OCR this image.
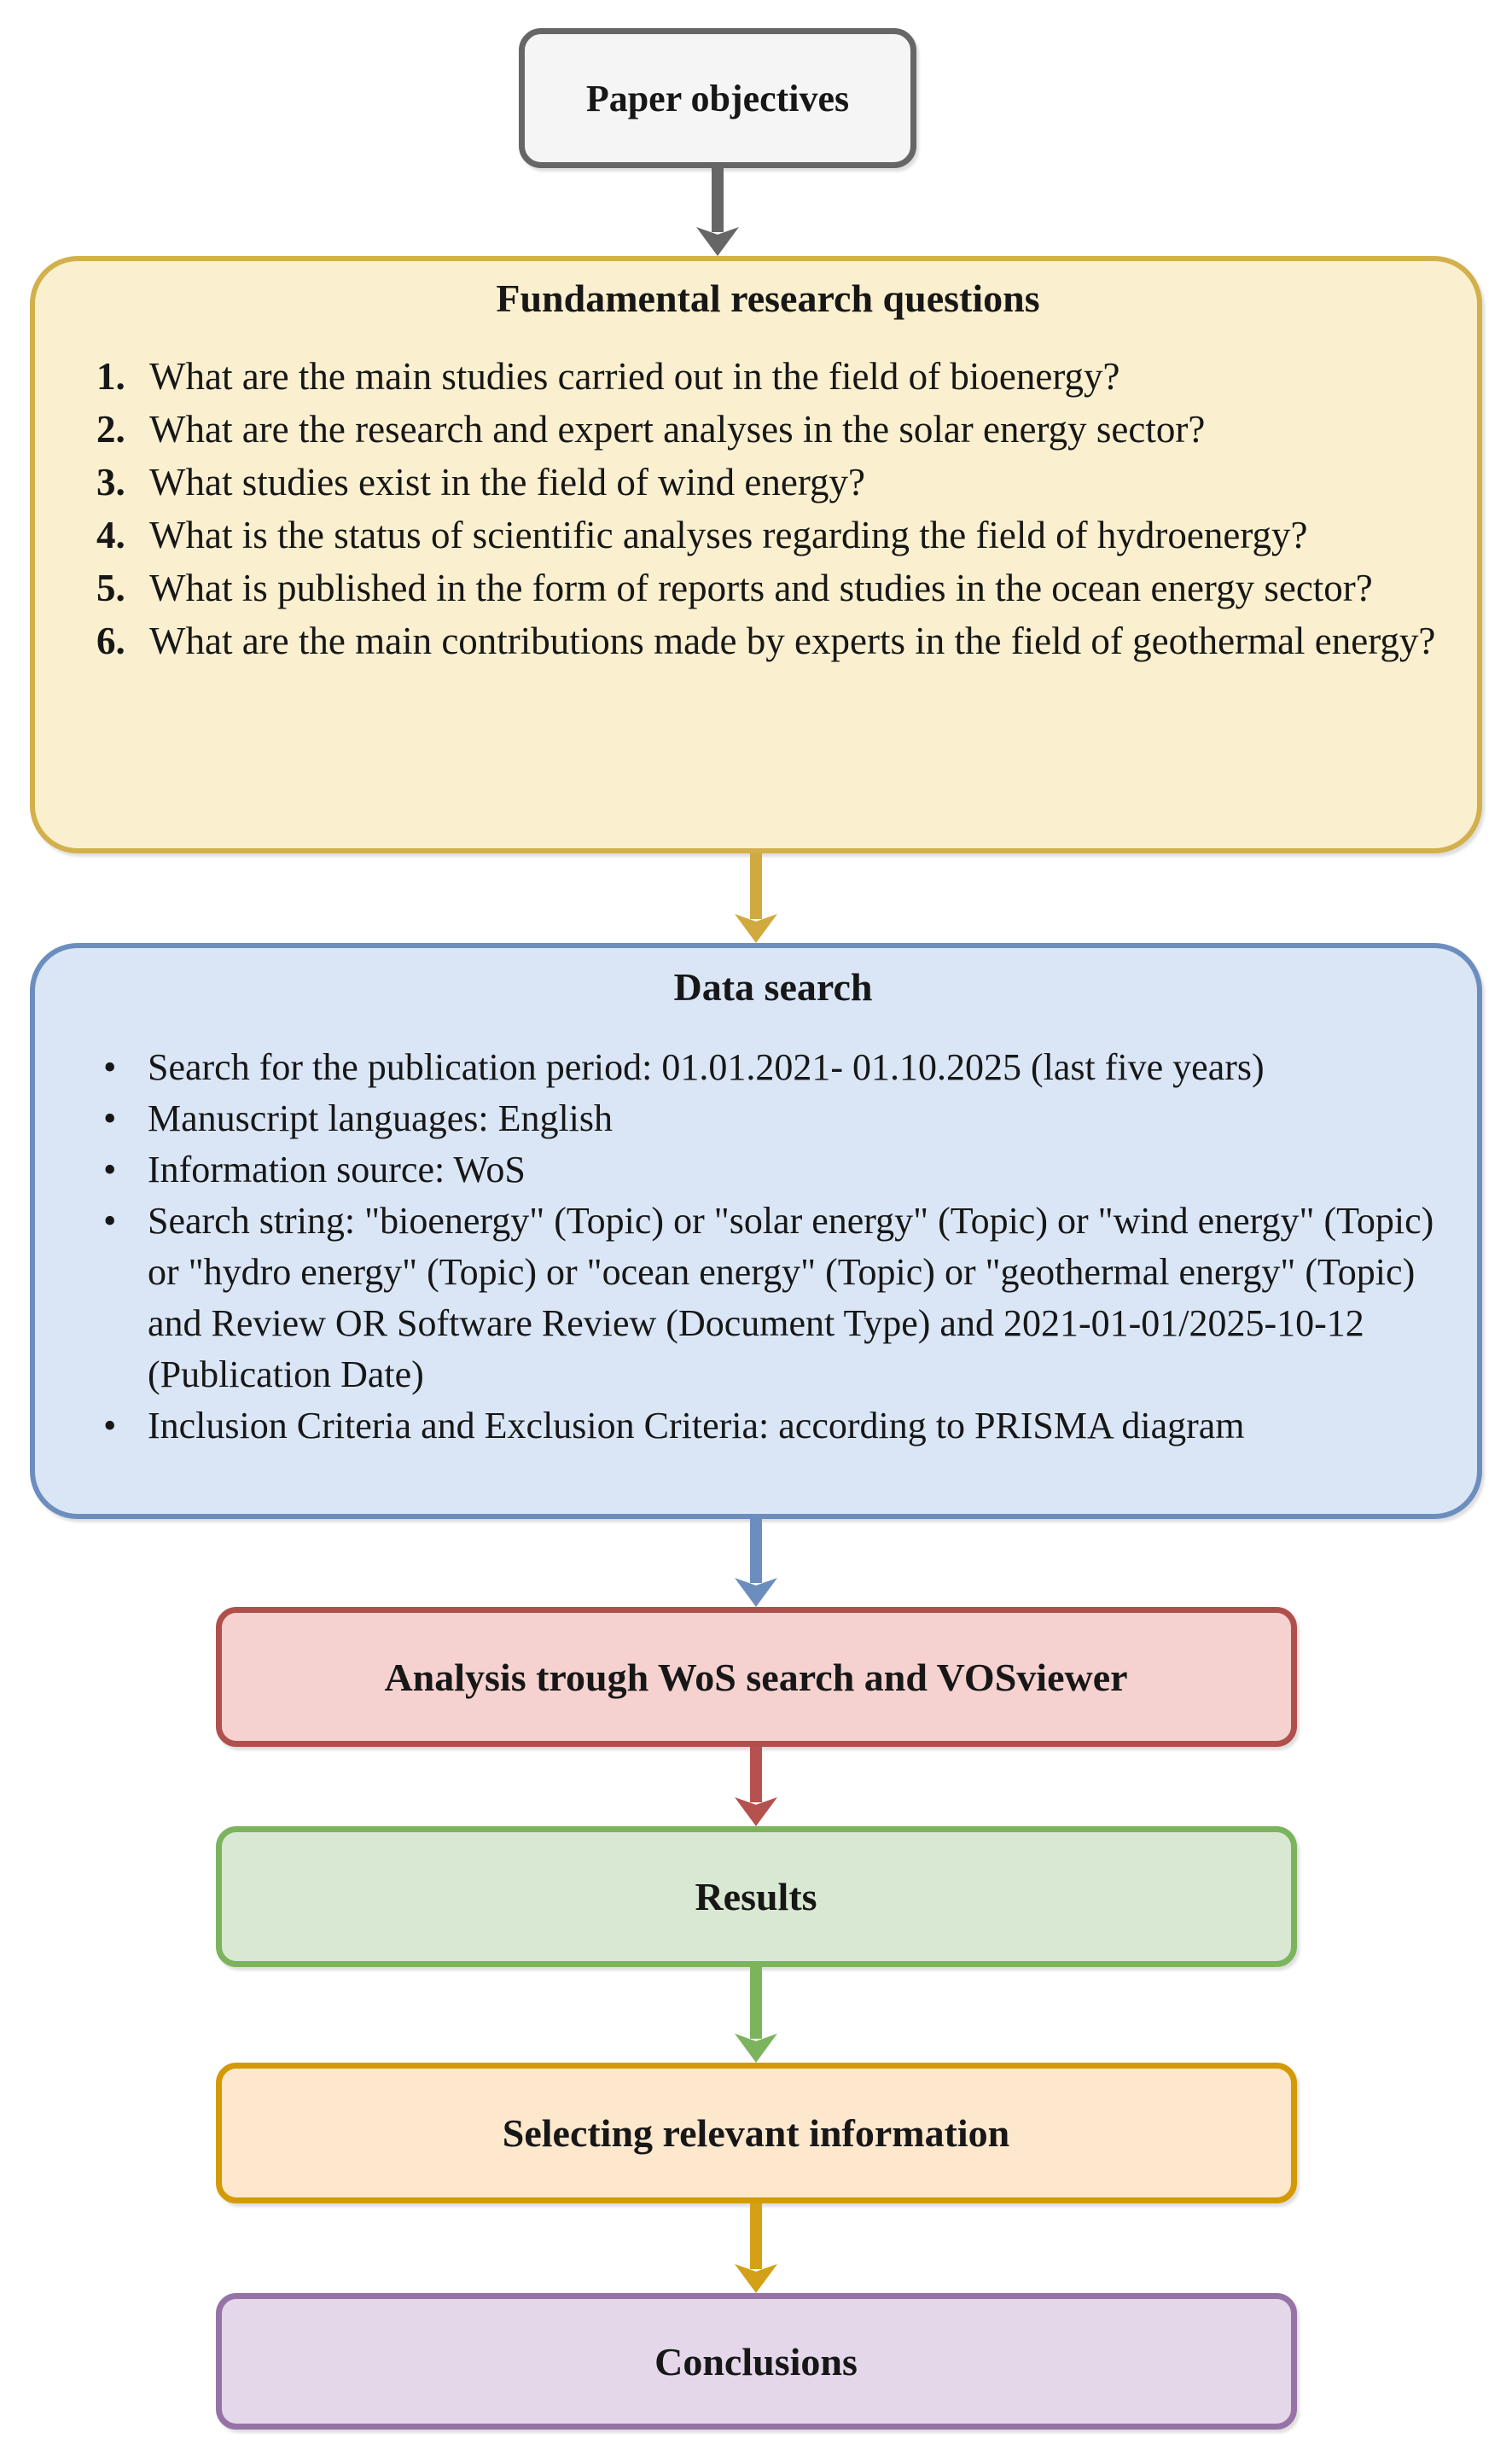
Paper objectives
Fundamental research questions
1. What are the main studies carried out in the field of bioenergy?
2. What are the research and expert analyses in the solar energy sector?
3. What studies exist in the field of wind energy?
4. What is the status of scientific analyses regarding the field of hydroenergy?
5. What is published in the form of reports and studies in the ocean energy sector?
6. What are the main contributions made by experts in the field of geothermal energy?
Data search
• Search for the publication period: 01.01.2021- 01.10.2025 (last five years)
• Manuscript languages: English
• Information source: WoS
• Search string: "bioenergy" (Topic) or "solar energy" (Topic) or "wind energy" (Topic) or "hydro energy" (Topic) or "ocean energy" (Topic) or "geothermal energy" (Topic) and Review OR Software Review (Document Type) and 2021-01-01/2025-10-12 (Publication Date)
• Inclusion Criteria and Exclusion Criteria: according to PRISMA diagram
Analysis trough WoS search and VOSviewer
Results
Selecting relevant information
Conclusions
